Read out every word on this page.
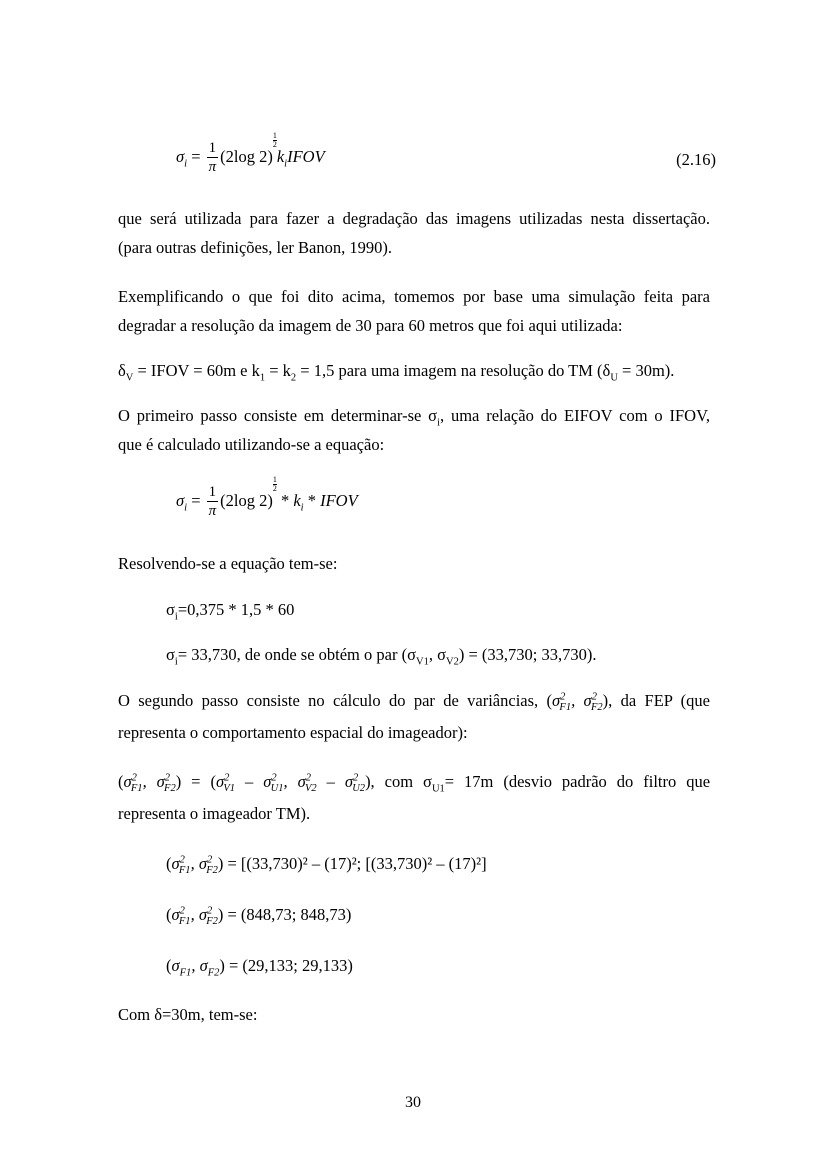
$\sigma_i = \frac{1}{\pi} (2\log$ 2)
$\frac{1}{2}$
$k_iIFOV$	(2.16)
que será utilizada para fazer a degradação das imagens utilizadas nesta dissertação.
(para outras definições, ler Banon, 1990).
Exemplificando o que foi dito acima, tomemos por base uma simulação feita para
degradar a resolução da imagem de 30 para 60 metros que foi aqui utilizada:
$\delta_V$ = IFOV = 60m e $k_1 = k_2 = 1,5$ para uma imagem na resolução do TM $(\delta_U = 30m)$.
O primeiro passo consiste em determinar-se $\sigma_i$, uma relação do EIFOV com o IFOV,
que é calculado utilizando-se a equação:
$\sigma_i = \frac{1}{\pi} (2\log$ 2)
$\frac{1}{2}$
* $k_i$ * IFOV
Resolvendo-se a equação tem-se:
$\sigma_i=0,375 * 1,5 * 60$
$\sigma_i= 33,730$, de onde se obtém o par ($\sigma_{V1}$, $\sigma_{V2}) = (33,730$; 33,730).
O segundo passo consiste no cálculo do par de variâncias, ($\sigma^2_{F1}$, $\sigma^2_{F2}$), da FEP (que
representa o comportamento espacial do imageador):
($\sigma^2_{F1}$, $\sigma^2_{F2}) = (\sigma^2_{V1} - \sigma^2_{U1}$, $\sigma^2_{V2} - \sigma^2_{U2}$), com $\sigma_{U1}= 17m$ (desvio padrão do filtro que
representa o imageador TM).
($\sigma^2_{F1}$, $\sigma^2_{F2}) = [(33,730)^2 - (17)^2$; [(33,730)² – (17)²]
($\sigma^2_{F1}$, $\sigma^2_{F2}) = (848,73$; 848,73)
($\sigma_{F1}$, $\sigma_{F2}) = (29,133$; 29,133)
Com δ=30m, tem-se:
30
